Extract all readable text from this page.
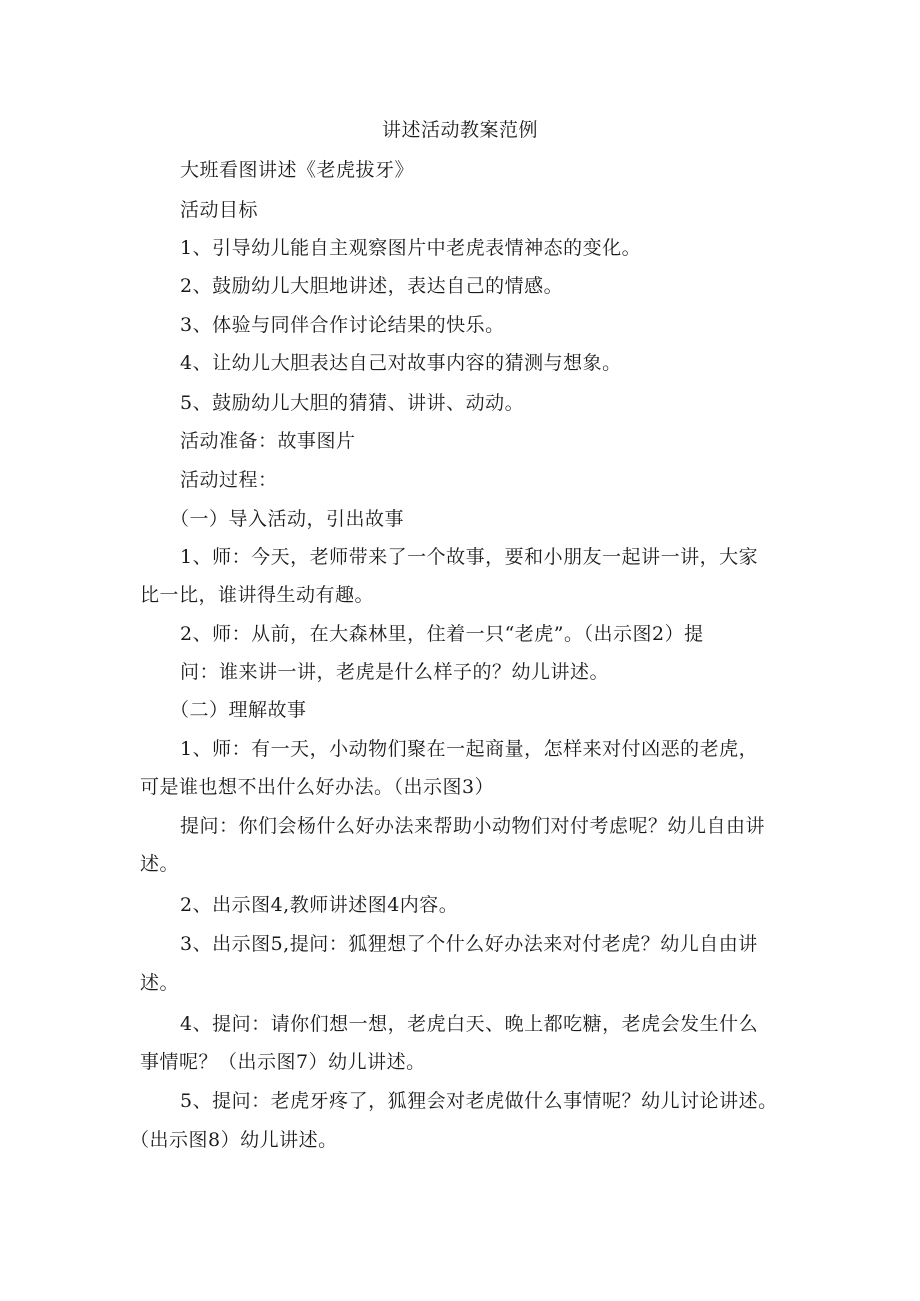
讲述活动教案范例
大班看图讲述《老虎拔牙》
活动目标
1、引导幼儿能自主观察图片中老虎表情神态的变化。
2、鼓励幼儿大胆地讲述，表达自己的情感。
3、体验与同伴合作讨论结果的快乐。
4、让幼儿大胆表达自己对故事内容的猜测与想象。
5、鼓励幼儿大胆的猜猜、讲讲、动动。
活动准备：故事图片
活动过程：
（一）导入活动，引出故事
1、师：今天，老师带来了一个故事，要和小朋友一起讲一讲，大家
比一比，谁讲得生动有趣。
2、师：从前，在大森林里，住着一只“老虎”。（出示图2）提
问：谁来讲一讲，老虎是什么样子的？幼儿讲述。
（二）理解故事
1、师：有一天，小动物们聚在一起商量，怎样来对付凶恶的老虎，
可是谁也想不出什么好办法。（出示图3）
提问：你们会杨什么好办法来帮助小动物们对付考虑呢？幼儿自由讲
述。
2、出示图4,教师讲述图4内容。
3、出示图5,提问：狐狸想了个什么好办法来对付老虎？幼儿自由讲
述。
4、提问：请你们想一想，老虎白天、晚上都吃糖，老虎会发生什么
事情呢？（出示图7）幼儿讲述。
5、提问：老虎牙疼了，狐狸会对老虎做什么事情呢？幼儿讨论讲述。
（出示图8）幼儿讲述。
